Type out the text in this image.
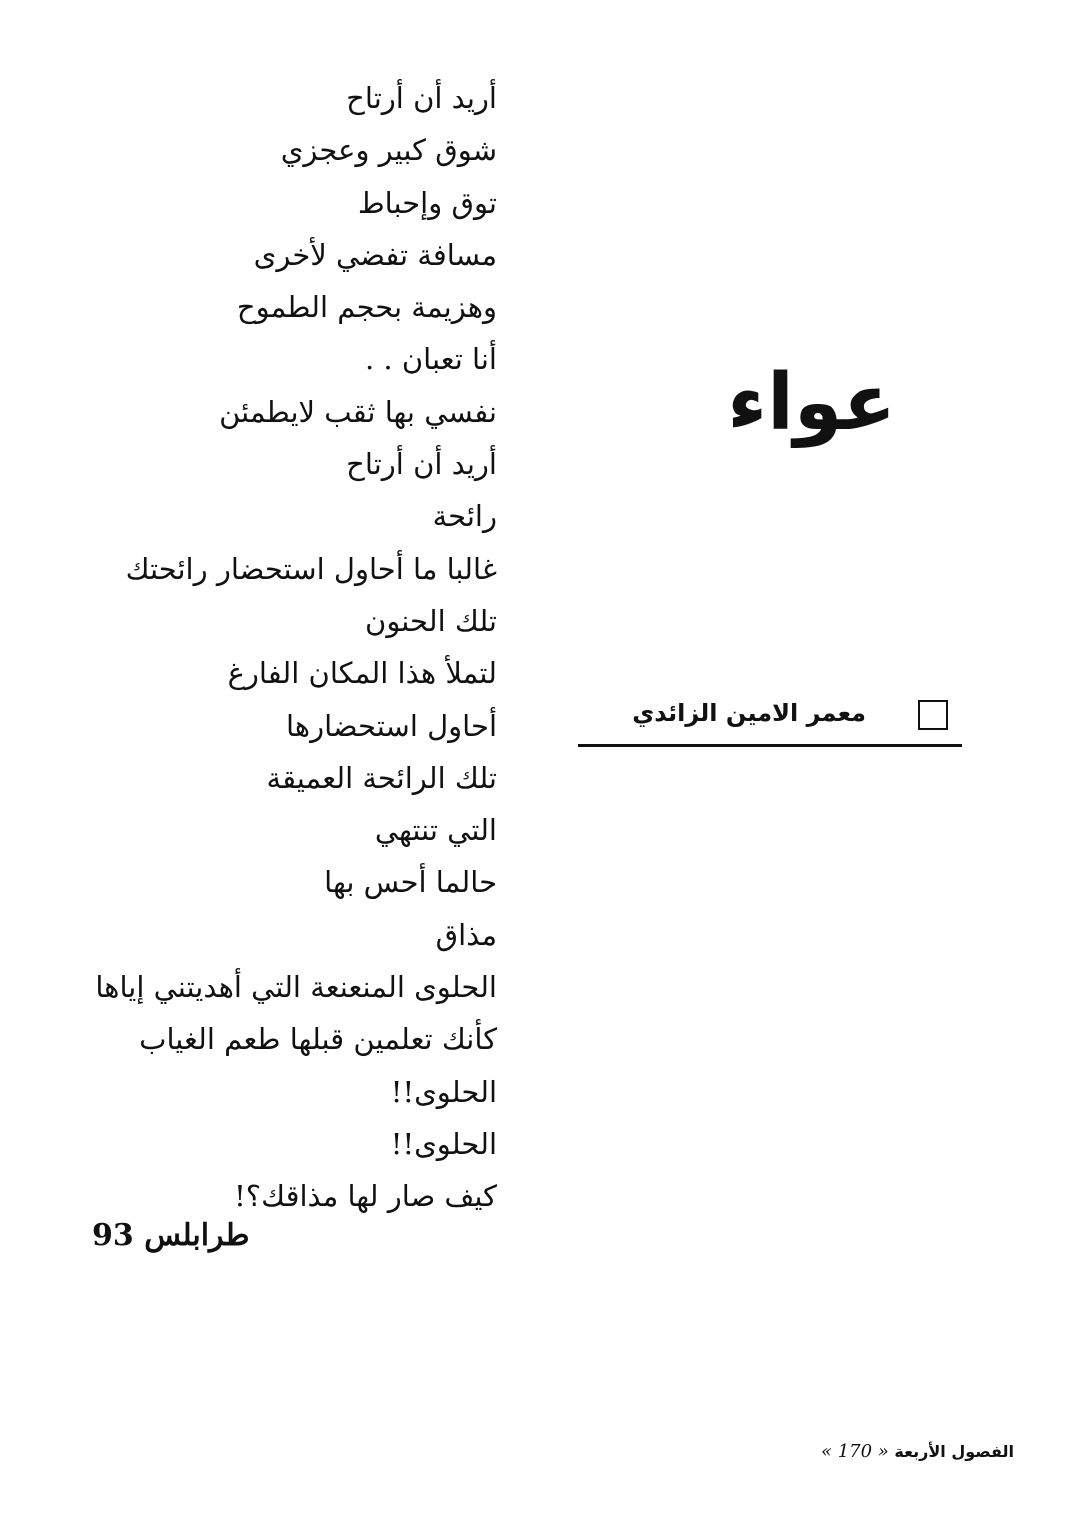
أريد أن أرتاح
شوق كبير وعجزي
توق وإحباط
مسافة تفضي لأخرى
وهزيمة بحجم الطموح
أنا تعبان . .
نفسي بها ثقب لايطمئن
أريد أن أرتاح
رائحة
غالبا ما أحاول استحضار رائحتك
تلك الحنون
لتملأ هذا المكان الفارغ
أحاول استحضارها
تلك الرائحة العميقة
التي تنتهي
حالما أحس بها
مذاق
الحلوى المنعنعة التي أهديتني إياها
كأنك تعلمين قبلها طعم الغياب
الحلوى!!
الحلوى!!
كيف صار لها مذاقك؟!
عواء
معمر الامين الزائدي
طرابلس 93
الفصول الأربعة « 170 »
